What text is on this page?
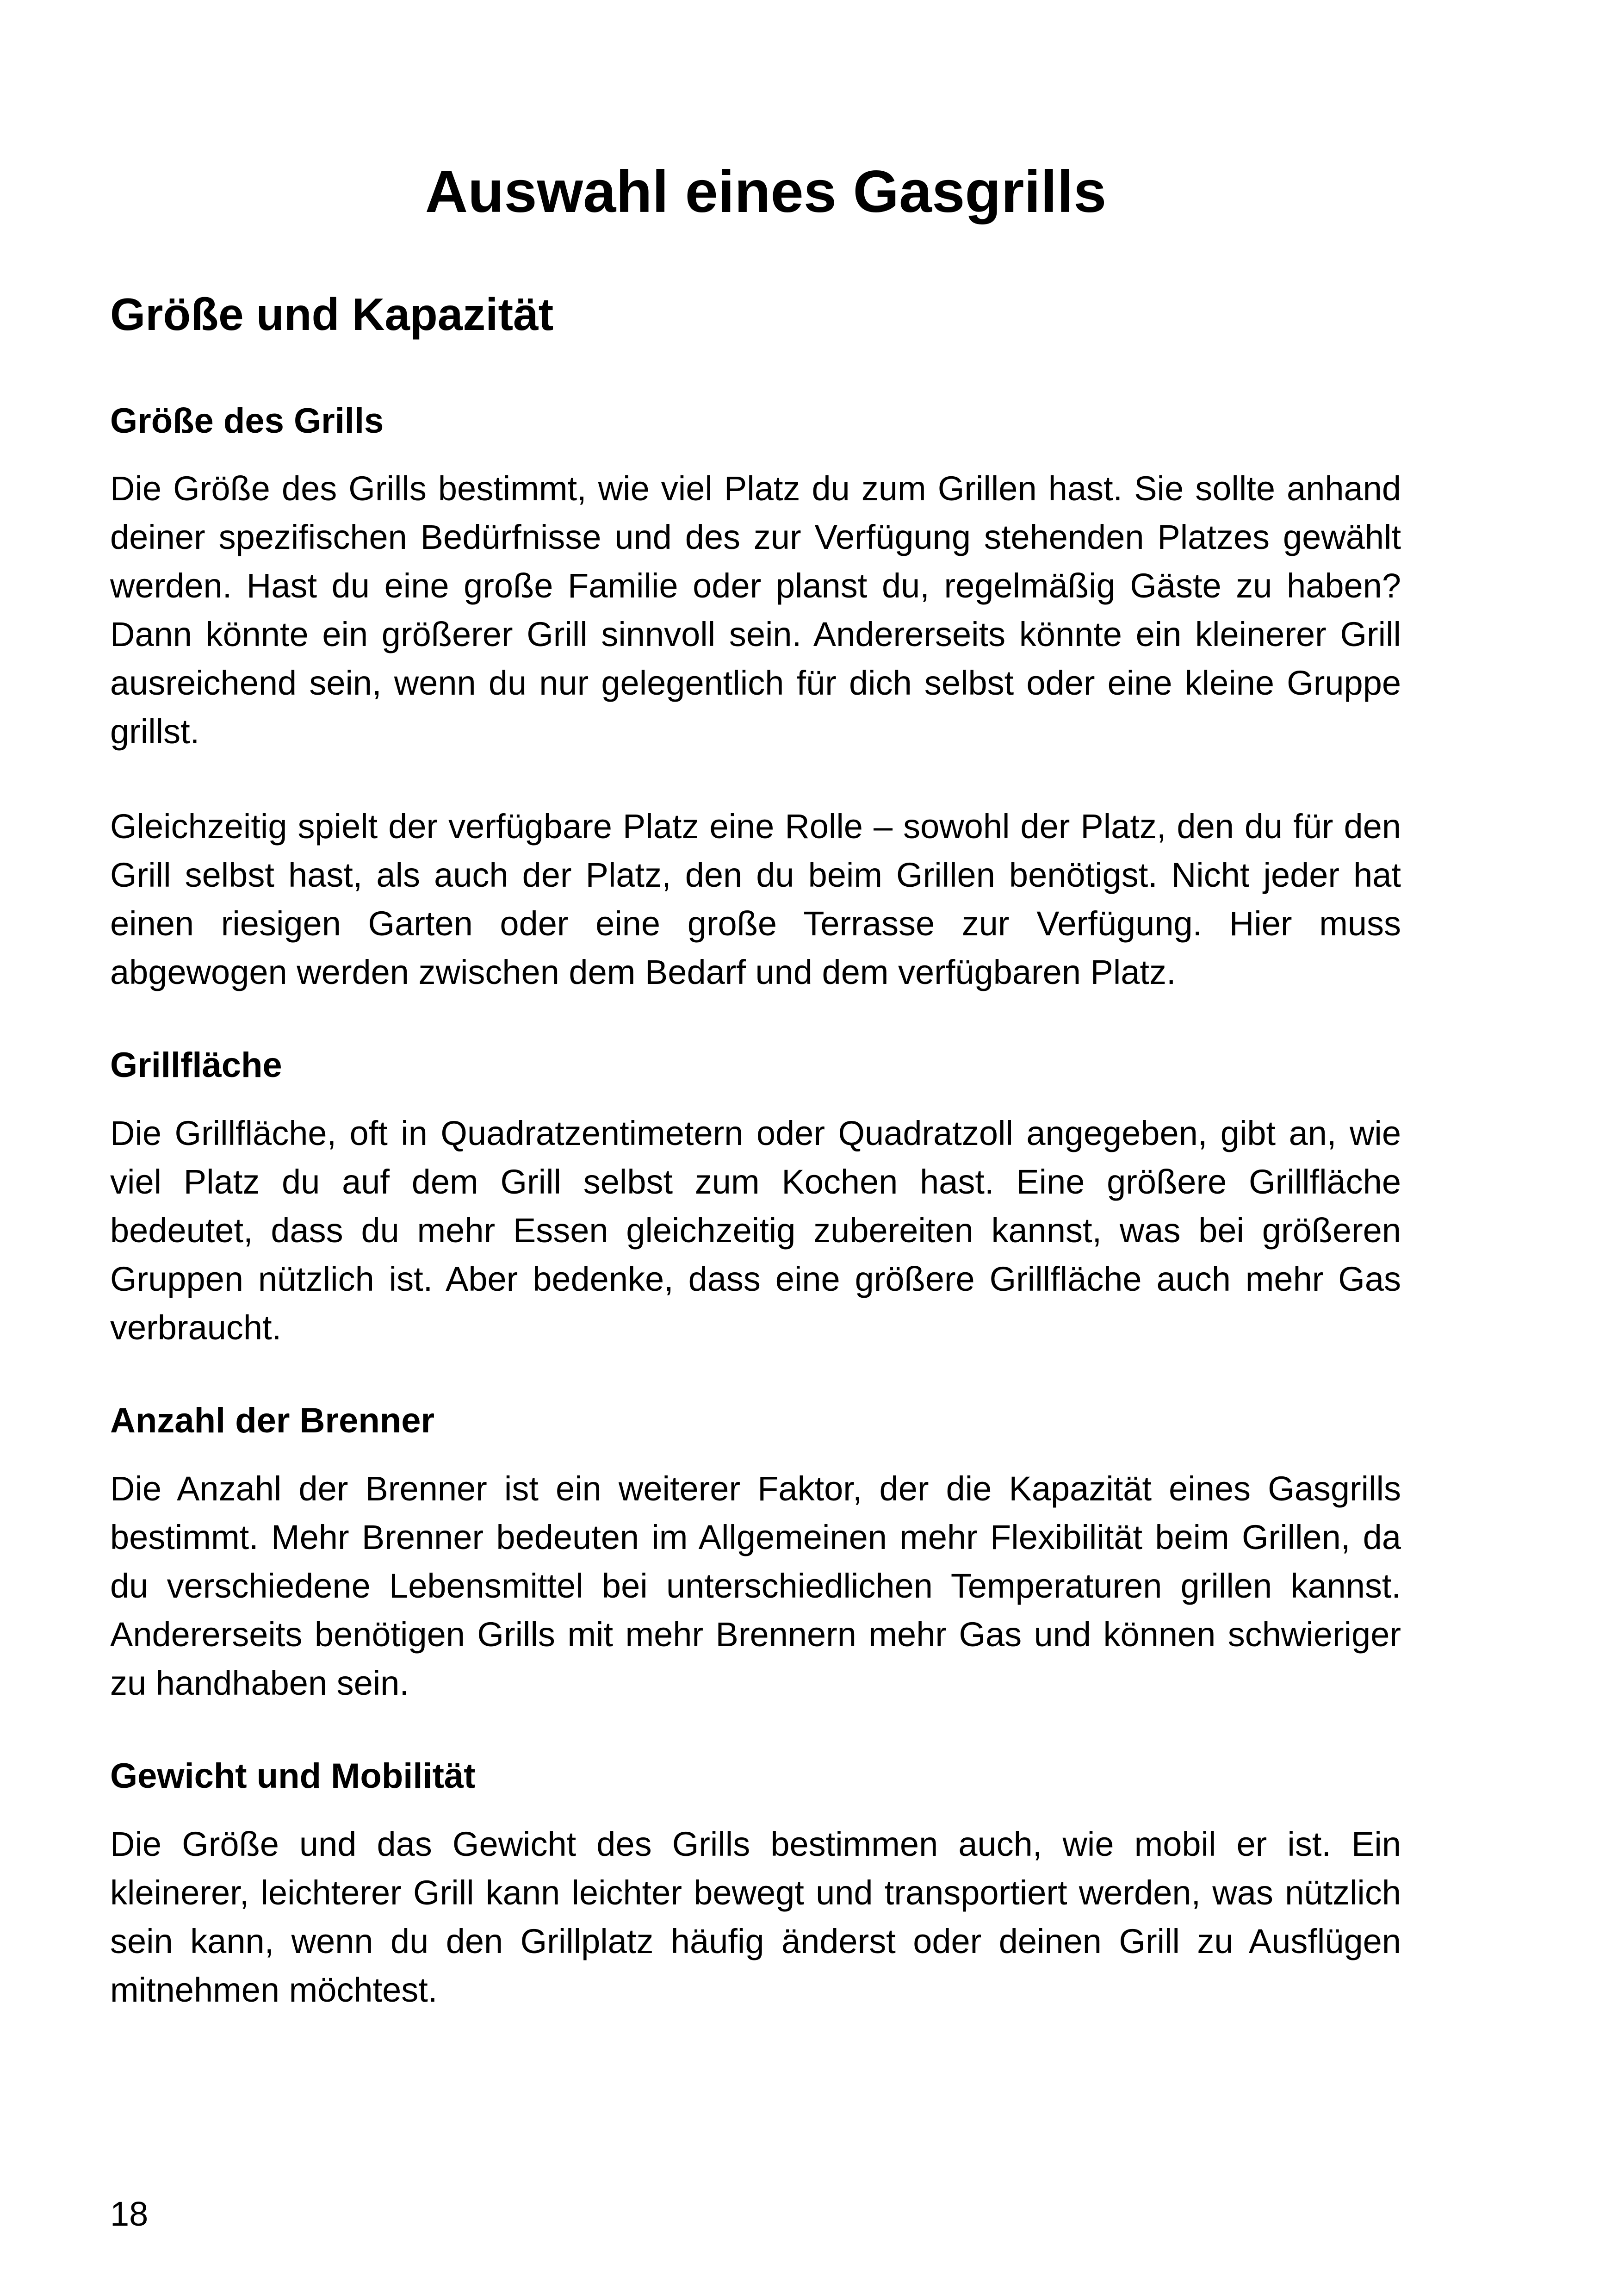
Auswahl eines Gasgrills
Größe und Kapazität
Größe des Grills

Die Größe des Grills bestimmt, wie viel Platz du zum Grillen hast. Sie sollte anhand deiner spezifischen Bedürfnisse und des zur Verfügung stehenden Platzes gewählt werden. Hast du eine große Familie oder planst du, regelmäßig Gäste zu haben? Dann könnte ein größerer Grill sinnvoll sein. Andererseits könnte ein kleinerer Grill ausreichend sein, wenn du nur gelegentlich für dich selbst oder eine kleine Gruppe grillst.

Gleichzeitig spielt der verfügbare Platz eine Rolle – sowohl der Platz, den du für den Grill selbst hast, als auch der Platz, den du beim Grillen benötigst. Nicht jeder hat einen riesigen Garten oder eine große Terrasse zur Verfügung. Hier muss abgewogen werden zwischen dem Bedarf und dem verfügbaren Platz.

Grillfläche

Die Grillfläche, oft in Quadratzentimetern oder Quadratzoll angegeben, gibt an, wie viel Platz du auf dem Grill selbst zum Kochen hast. Eine größere Grillfläche bedeutet, dass du mehr Essen gleichzeitig zubereiten kannst, was bei größeren Gruppen nützlich ist. Aber bedenke, dass eine größere Grillfläche auch mehr Gas verbraucht.

Anzahl der Brenner

Die Anzahl der Brenner ist ein weiterer Faktor, der die Kapazität eines Gasgrills bestimmt. Mehr Brenner bedeuten im Allgemeinen mehr Flexibilität beim Grillen, da du verschiedene Lebensmittel bei unterschiedlichen Temperaturen grillen kannst. Andererseits benötigen Grills mit mehr Brennern mehr Gas und können schwieriger zu handhaben sein.

Gewicht und Mobilität

Die Größe und das Gewicht des Grills bestimmen auch, wie mobil er ist. Ein kleinerer, leichterer Grill kann leichter bewegt und transportiert werden, was nützlich sein kann, wenn du den Grillplatz häufig änderst oder deinen Grill zu Ausflügen mitnehmen möchtest.

18
